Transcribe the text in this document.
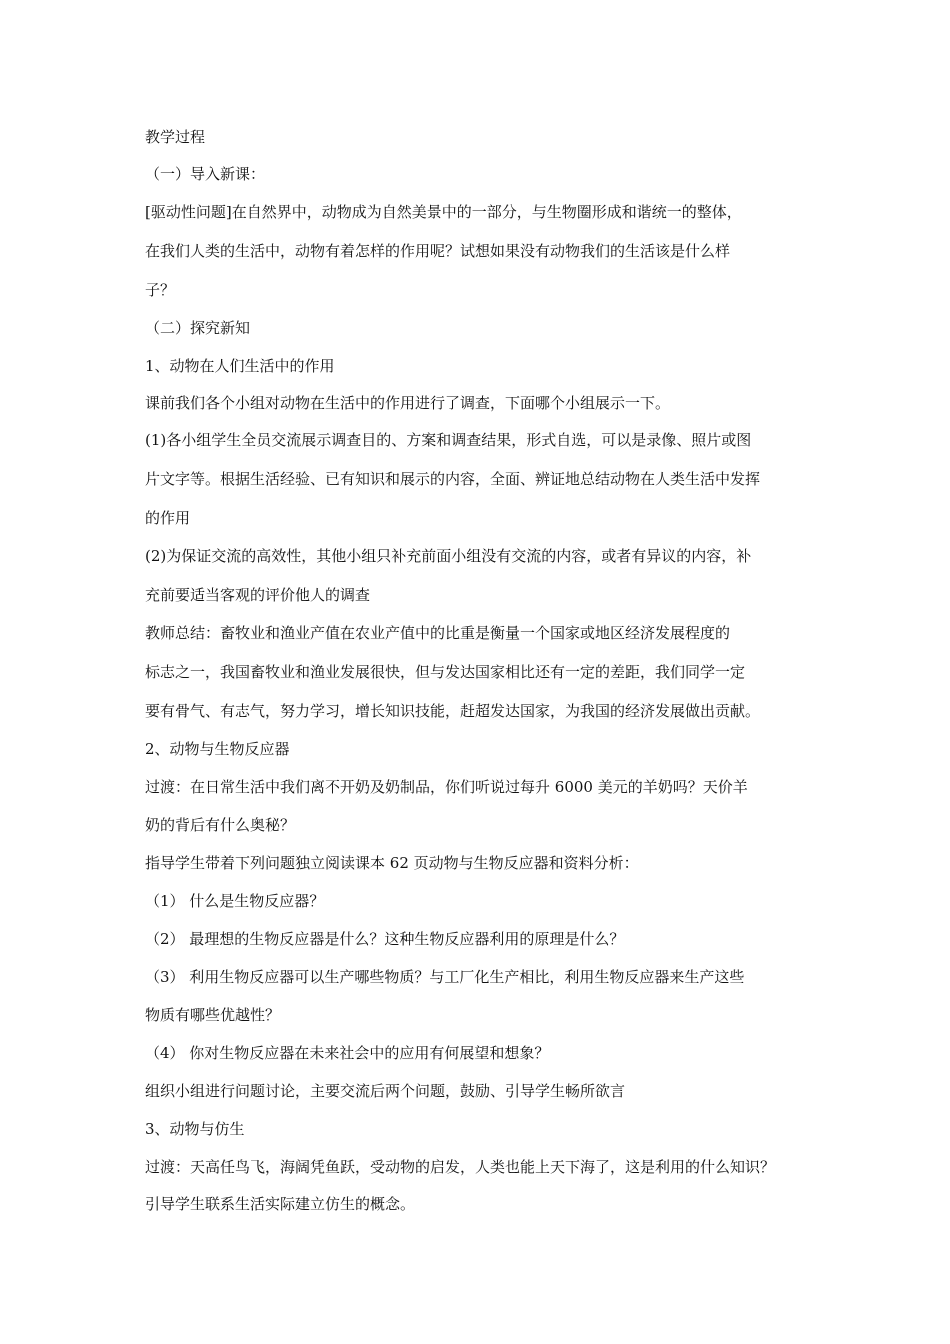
教学过程
（一）导入新课：
[驱动性问题]在自然界中，动物成为自然美景中的一部分，与生物圈形成和谐统一的整体，
在我们人类的生活中，动物有着怎样的作用呢？试想如果没有动物我们的生活该是什么样
子？
（二）探究新知
1、动物在人们生活中的作用
课前我们各个小组对动物在生活中的作用进行了调查，下面哪个小组展示一下。
(1)各小组学生全员交流展示调查目的、方案和调查结果，形式自选，可以是录像、照片或图
片文字等。根据生活经验、已有知识和展示的内容，全面、辨证地总结动物在人类生活中发挥
的作用
(2)为保证交流的高效性，其他小组只补充前面小组没有交流的内容，或者有异议的内容，补
充前要适当客观的评价他人的调查
教师总结：畜牧业和渔业产值在农业产值中的比重是衡量一个国家或地区经济发展程度的
标志之一，我国畜牧业和渔业发展很快，但与发达国家相比还有一定的差距，我们同学一定
要有骨气、有志气，努力学习，增长知识技能，赶超发达国家，为我国的经济发展做出贡献。
2、动物与生物反应器
过渡：在日常生活中我们离不开奶及奶制品，你们听说过每升 6000 美元的羊奶吗？天价羊
奶的背后有什么奥秘？
指导学生带着下列问题独立阅读课本 62 页动物与生物反应器和资料分析：
（1） 什么是生物反应器？
（2） 最理想的生物反应器是什么？这种生物反应器利用的原理是什么？
（3） 利用生物反应器可以生产哪些物质？与工厂化生产相比，利用生物反应器来生产这些
物质有哪些优越性？
（4） 你对生物反应器在未来社会中的应用有何展望和想象？
组织小组进行问题讨论，主要交流后两个问题，鼓励、引导学生畅所欲言
3、动物与仿生
过渡：天高任鸟飞，海阔凭鱼跃，受动物的启发，人类也能上天下海了，这是利用的什么知识？
引导学生联系生活实际建立仿生的概念。
